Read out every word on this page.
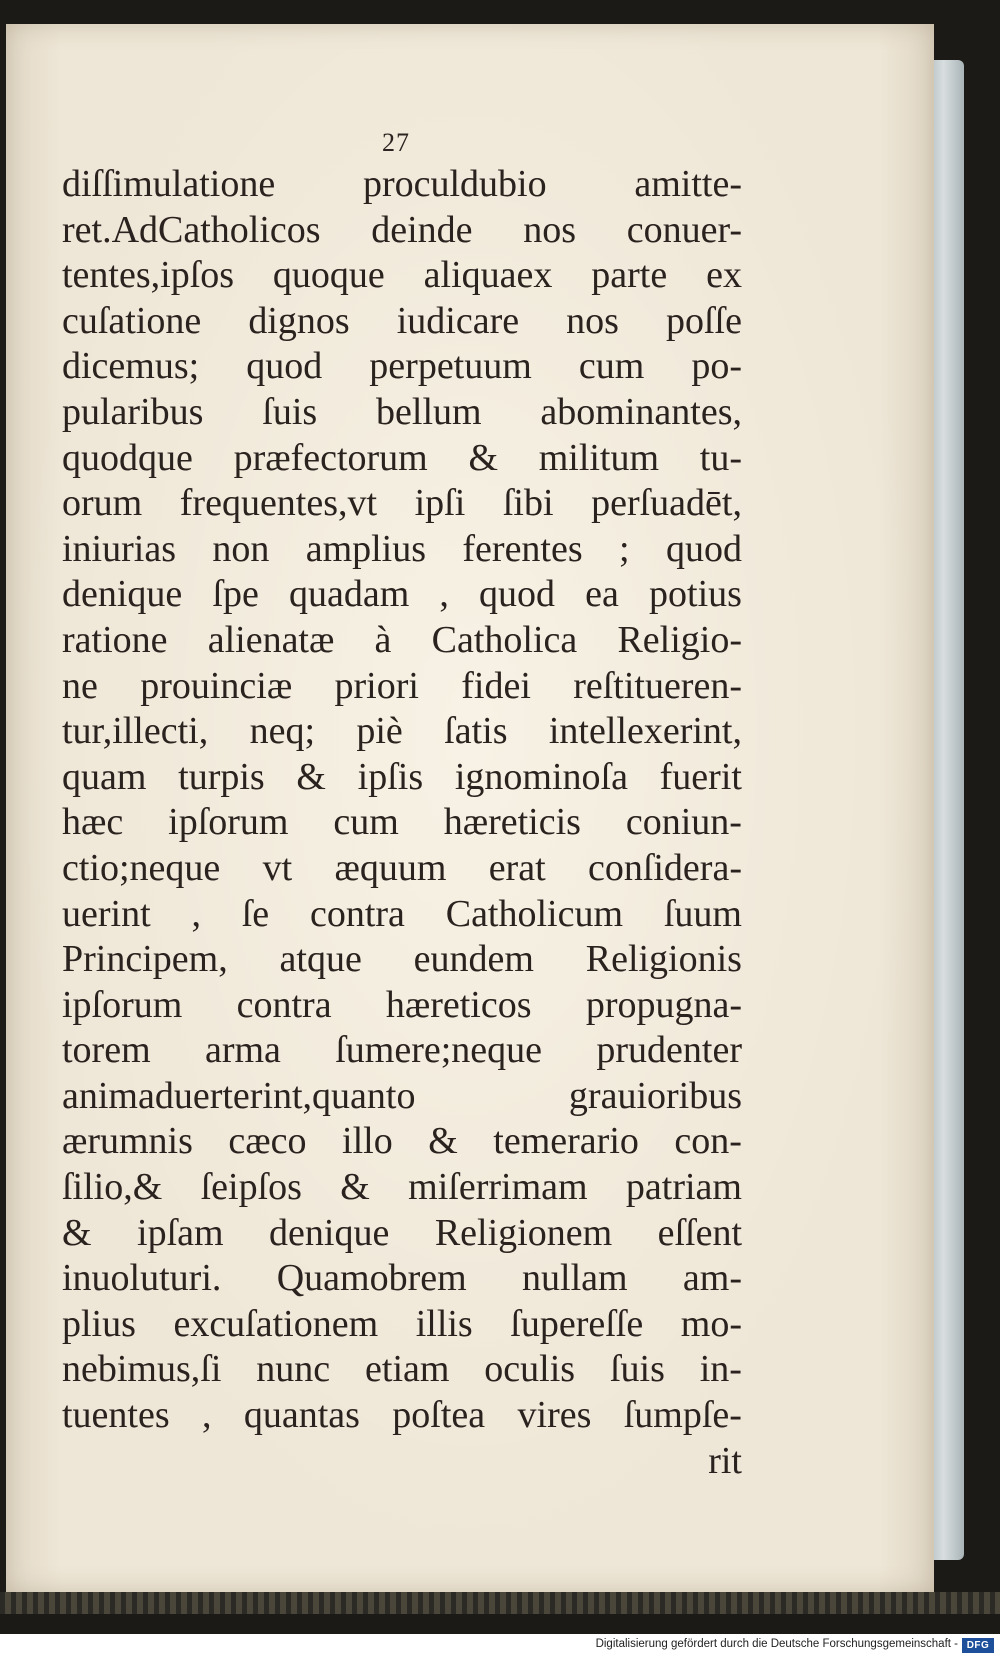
27
diſſimulatione proculdubio amitte-
ret.AdCatholicos deinde nos conuer-
tentes,ipſos quoque aliquaex parte ex
cuſatione dignos iudicare nos poſſe
dicemus; quod perpetuum cum po-
pularibus ſuis bellum abominantes,
quodque præfectorum & militum tu-
orum frequentes,vt ipſi ſibi perſuadēt,
iniurias non amplius ferentes ; quod
denique ſpe quadam , quod ea potius
ratione alienatæ à Catholica Religio-
ne prouinciæ priori fidei reſtitueren-
tur,illecti, neq; piè ſatis intellexerint,
quam turpis & ipſis ignominoſa fuerit
hæc ipſorum cum hæreticis coniun-
ctio;neque vt æquum erat conſidera-
uerint , ſe contra Catholicum ſuum
Principem, atque eundem Religionis
ipſorum contra hæreticos propugna-
torem arma ſumere;neque prudenter
animaduerterint,quanto	grauioribus
ærumnis cæco illo & temerario con-
ſilio,& ſeipſos & miſerrimam patriam
& ipſam denique Religionem eſſent
inuoluturi. Quamobrem nullam am-
plius excuſationem illis ſupereſſe mo-
nebimus,ſi nunc etiam oculis ſuis in-
tuentes , quantas poſtea vires ſumpſe-
rit
Digitalisierung gefördert durch die Deutsche Forschungsgemeinschaft - DFG
